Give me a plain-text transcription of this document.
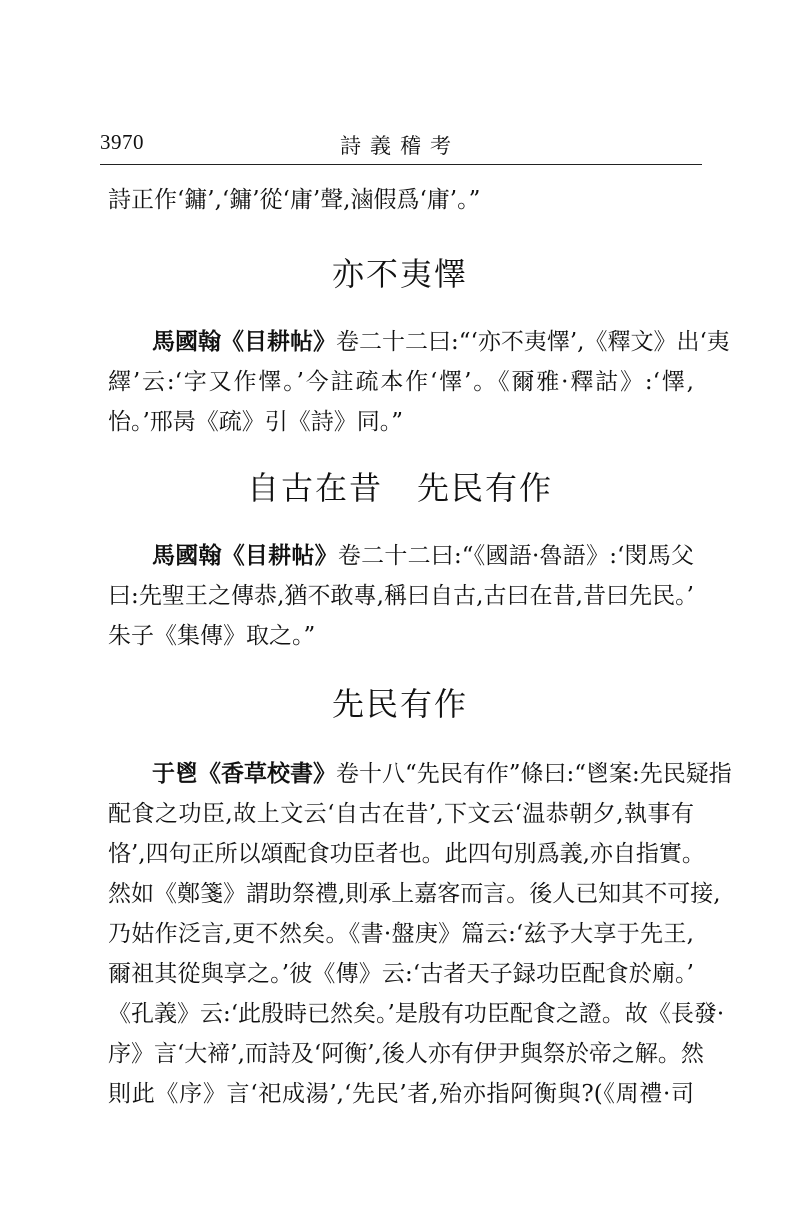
3970	詩義稽考
詩正作‘鏞’,‘鏞’從‘庸’聲,滷假爲‘庸’。”
亦不夷懌
馬國翰《目耕帖》卷二十二曰:“‘亦不夷懌’,《釋文》出‘夷
繹’云:‘字又作懌。’今註疏本作‘懌’。《爾雅·釋詁》:‘懌,
怡。’邢昺《疏》引《詩》同。”
自古在昔　先民有作
馬國翰《目耕帖》卷二十二曰:“《國語·魯語》:‘閔馬父
曰:先聖王之傳恭,猶不敢專,稱曰自古,古曰在昔,昔曰先民。’
朱子《集傳》取之。”
先民有作
于鬯《香草校書》卷十八“先民有作”條曰:“鬯案:先民疑指
配食之功臣,故上文云‘自古在昔’,下文云‘温恭朝夕,執事有
恪’,四句正所以頌配食功臣者也。此四句別爲義,亦自指實。
然如《鄭箋》謂助祭禮,則承上嘉客而言。後人已知其不可接,
乃姑作泛言,更不然矣。《書·盤庚》篇云:‘兹予大享于先王,
爾祖其從與享之。’彼《傳》云:‘古者天子録功臣配食於廟。’
《孔義》云:‘此殷時已然矣。’是殷有功臣配食之證。故《長發·
序》言‘大褅’,而詩及‘阿衡’,後人亦有伊尹與祭於帝之解。然
則此《序》言‘祀成湯’,‘先民’者,殆亦指阿衡與?(《周禮·司
